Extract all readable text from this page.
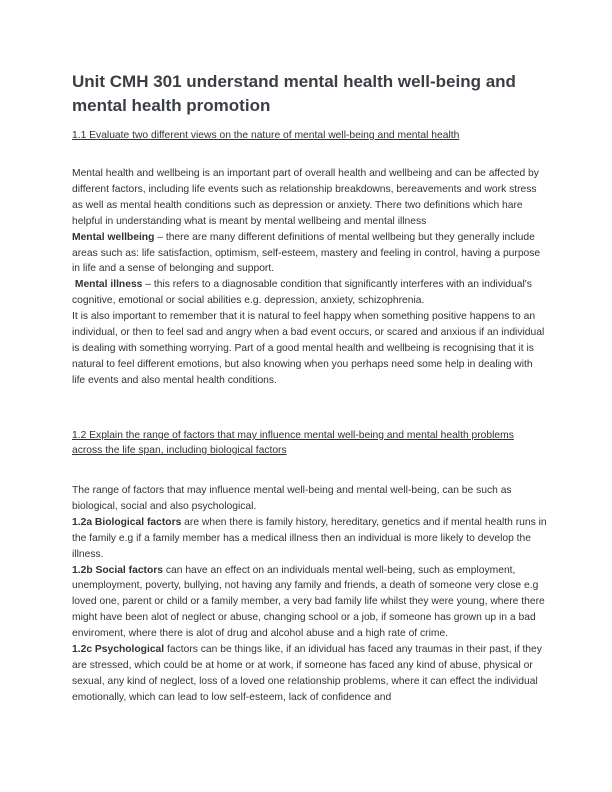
Unit CMH 301 understand mental health well-being and mental health promotion
1.1 Evaluate two different views on the nature of mental well-being and mental health

Mental health and wellbeing is an important part of overall health and wellbeing and can be affected by different factors, including life events such as relationship breakdowns, bereavements and work stress as well as mental health conditions such as depression or anxiety. There two definitions which hare helpful in understanding what is meant by mental wellbeing and mental illness

Mental wellbeing – there are many different definitions of mental wellbeing but they generally include areas such as: life satisfaction, optimism, self-esteem, mastery and feeling in control, having a purpose in life and a sense of belonging and support.

Mental illness – this refers to a diagnosable condition that significantly interferes with an individual's cognitive, emotional or social abilities e.g. depression, anxiety, schizophrenia.

It is also important to remember that it is natural to feel happy when something positive happens to an individual, or then to feel sad and angry when a bad event occurs, or scared and anxious if an individual is dealing with something worrying. Part of a good mental health and wellbeing is recognising that it is natural to feel different emotions, but also knowing when you perhaps need some help in dealing with life events and also mental health conditions.

1.2 Explain the range of factors that may influence mental well-being and mental health problems across the life span, including biological factors

The range of factors that may influence mental well-being and mental well-being, can be such as biological, social and also psychological.

1.2a Biological factors are when there is family history, hereditary, genetics and if mental health runs in the family e.g if a family member has a medical illness then an individual is more likely to develop the illness.

1.2b Social factors can have an effect on an individuals mental well-being, such as employment, unemployment, poverty, bullying, not having any family and friends, a death of someone very close e.g loved one, parent or child or a family member, a very bad family life whilst they were young, where there might have been alot of neglect or abuse, changing school or a job, if someone has grown up in a bad enviroment, where there is alot of drug and alcohol abuse and a high rate of crime.

1.2c Psychological factors can be things like, if an idividual has faced any traumas in their past, if they are stressed, which could be at home or at work, if someone has faced any kind of abuse, physical or sexual, any kind of neglect, loss of a loved one relationship problems, where it can effect the individual emotionally, which can lead to low self-esteem, lack of confidence and
